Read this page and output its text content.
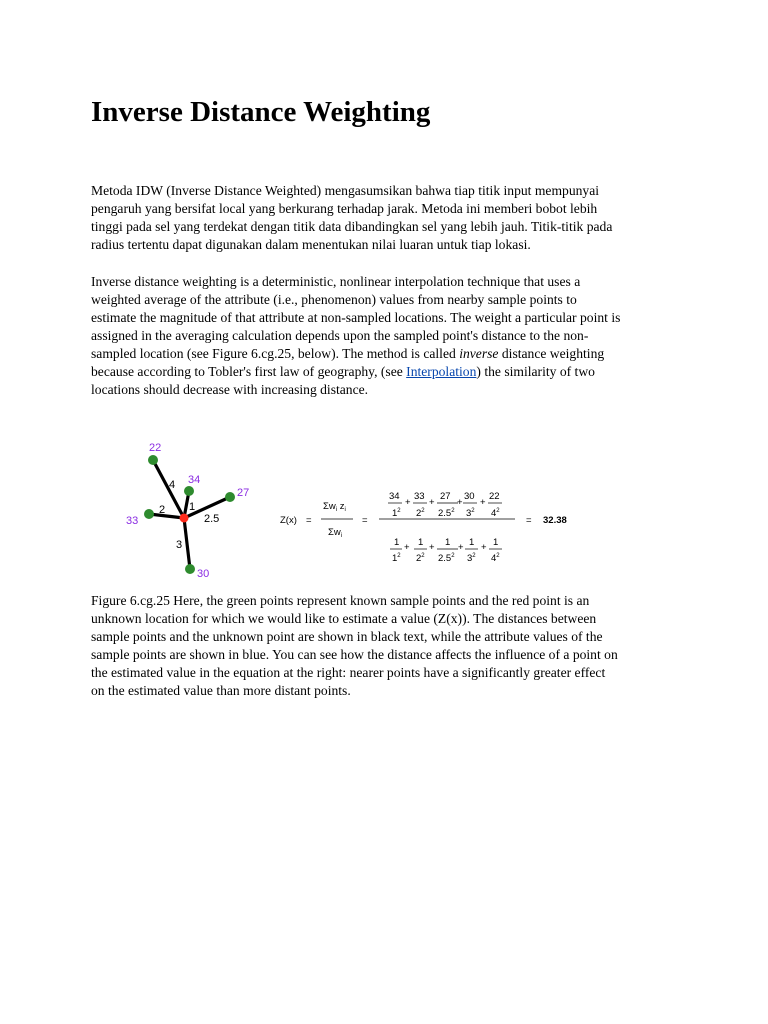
Inverse Distance Weighting

Metoda IDW (Inverse Distance Weighted) mengasumsikan bahwa tiap titik input mempunyai
pengaruh yang bersifat local yang berkurang terhadap jarak. Metoda ini memberi bobot lebih
tinggi pada sel yang terdekat dengan titik data dibandingkan sel yang lebih jauh. Titik-titik pada
radius tertentu dapat digunakan dalam menentukan nilai luaran untuk tiap lokasi.

Inverse distance weighting is a deterministic, nonlinear interpolation technique that uses a
weighted average of the attribute (i.e., phenomenon) values from nearby sample points to
estimate the magnitude of that attribute at non-sampled locations. The weight a particular point is
assigned in the averaging calculation depends upon the sampled point's distance to the non-
sampled location (see Figure 6.cg.25, below). The method is called inverse distance weighting
because according to Tobler's first law of geography, (see Interpolation) the similarity of two
locations should decrease with increasing distance.

22
34
27
33
30
4
1
2.5
2
3
Z(x) =
$\Sigma w_i$ $z_i$
$\Sigma w_i$
=
34
$1^2$
+
33
$2^2$
+
27
$2.5^2$
+
30
$3^2$
+
22
$4^2$
1
$1^2$
+ 1
$2^2$
+ 1
$2.5^2$
+ 1
$3^2$
+ 1
$4^2$
= 32.38

Figure 6.cg.25 Here, the green points represent known sample points and the red point is an
unknown location for which we would like to estimate a value (Z(x)). The distances between
sample points and the unknown point are shown in black text, while the attribute values of the
sample points are shown in blue. You can see how the distance affects the influence of a point on
the estimated value in the equation at the right: nearer points have a significantly greater effect
on the estimated value than more distant points.
